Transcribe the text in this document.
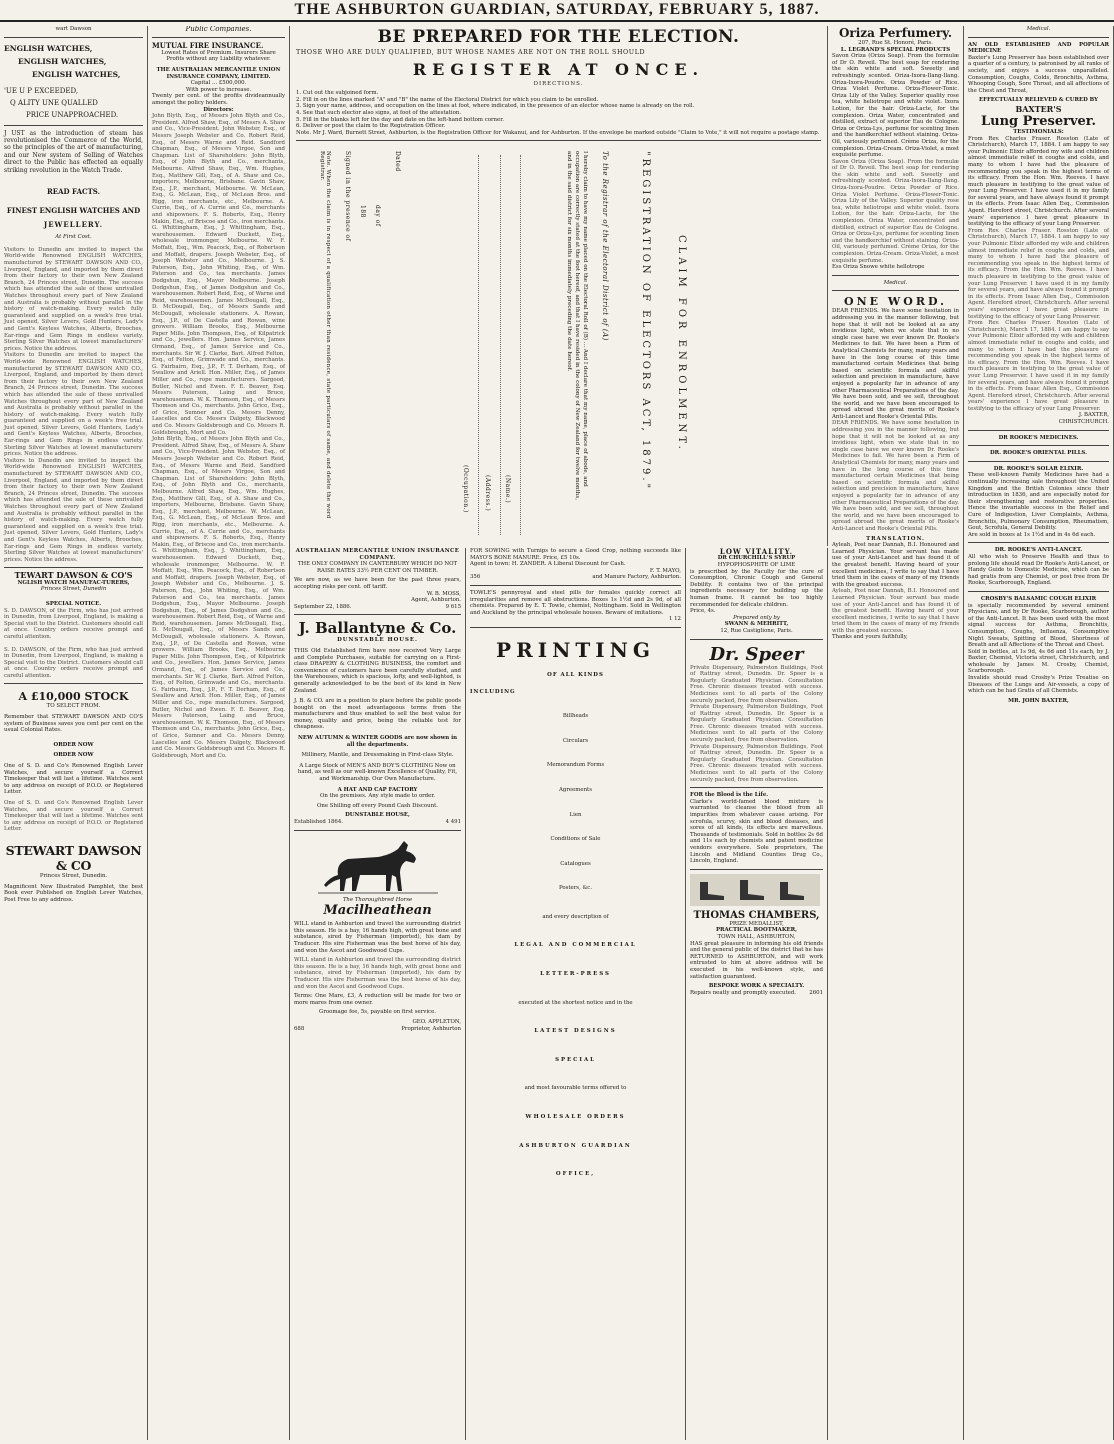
THE ASHBURTON GUARDIAN, SATURDAY, FEBRUARY 5, 1887.
wart Dawson
ENGLISH WATCHES,
ENGLISH WATCHES,
ENGLISH WATCHES,
'UE U P EXCEEDED,
Q ALITY UNE QUALLED
PRICE UNAPPROACHED.
J UST as the introduction of steam has revolutionised the Commerce of the World, so the principles of the art of manufacturing, and our New system of Selling of Watches direct to the Public has effected an equally striking revolution in the Watch Trade.
READ FACTS.
FINEST ENGLISH WATCHES AND
JEWELLERY.
At First Cost.
Visitors to Dunedin are invited to inspect the World-wide Renowned ENGLISH WATCHES, manufactured by STEWART DAWSON AND CO., Liverpool, England, and imported by them direct from their factory to their own New Zealand Branch, 24 Princes street, Dunedin. The success which has attended the sale of these unrivalled Watches throughout every part of New Zealand and Australia is probably without parallel in the history of watch-making. Every watch fully guaranteed and supplied on a week's free trial. Just opened, Silver Levers, Gold Hunters, Lady's and Gent's Keyless Watches, Alberts, Brooches, Ear-rings and Gem Rings in endless variety. Sterling Silver Watches at lowest manufacturers' prices. Notice the address.
Visitors to Dunedin are invited to inspect the World-wide Renowned ENGLISH WATCHES, manufactured by STEWART DAWSON AND CO., Liverpool, England, and imported by them direct from their factory to their own New Zealand Branch, 24 Princes street, Dunedin. The success which has attended the sale of these unrivalled Watches throughout every part of New Zealand and Australia is probably without parallel in the history of watch-making. Every watch fully guaranteed and supplied on a week's free trial. Just opened, Silver Levers, Gold Hunters, Lady's and Gent's Keyless Watches, Alberts, Brooches, Ear-rings and Gem Rings in endless variety. Sterling Silver Watches at lowest manufacturers' prices. Notice the address.
Visitors to Dunedin are invited to inspect the World-wide Renowned ENGLISH WATCHES, manufactured by STEWART DAWSON AND CO., Liverpool, England, and imported by them direct from their factory to their own New Zealand Branch, 24 Princes street, Dunedin. The success which has attended the sale of these unrivalled Watches throughout every part of New Zealand and Australia is probably without parallel in the history of watch-making. Every watch fully guaranteed and supplied on a week's free trial. Just opened, Silver Levers, Gold Hunters, Lady's and Gent's Keyless Watches, Alberts, Brooches, Ear-rings and Gem Rings in endless variety. Sterling Silver Watches at lowest manufacturers' prices. Notice the address.
TEWART DAWSON & CO'S
NGLISH WATCH MANUFAC-TURERS,
Princes Street, Dunedin
SPECIAL NOTICE.
S. D. DAWSON, of the Firm, who has just arrived in Dunedin, from Liverpool, England, is making a Special visit to the District. Customers should call at once. Country orders receive prompt and careful attention.
S. D. DAWSON, of the Firm, who has just arrived in Dunedin, from Liverpool, England, is making a Special visit to the District. Customers should call at once. Country orders receive prompt and careful attention.
A £10,000 STOCK
TO SELECT FROM.
Remember that STEWART DAWSON AND CO'S system of Business saves you cent per cent on the usual Colonial Rates.
ORDER NOW
ORDER NOW
One of S. D. and Co's Renowned English Lever Watches, and secure yourself a Correct Timekeeper that will last a lifetime. Watches sent to any address on receipt of P.O.O. or Registered Letter.
One of S. D. and Co's Renowned English Lever Watches, and secure yourself a Correct Timekeeper that will last a lifetime. Watches sent to any address on receipt of P.O.O. or Registered Letter.
STEWART DAWSON & CO
Princes Street, Dunedin.
Magnificent New Illustrated Pamphlet, the best Book ever Published on English Lever Watches, Post Free to any address.
Public Companies.
MUTUAL FIRE INSURANCE.
Lowest Rates of Premium. Insurers Share Profits without any Liability whatever.
THE AUSTRALIAN MERCANTILE UNION INSURANCE COMPANY, LIMITED.
Capital ... £500,000.
With power to increase.
Twenty per cent. of the profits divideannually amongst the policy holders.
Directors:
John Blyth, Esq., of Messrs John Blyth and Co., President. Alfred Shaw, Esq., of Messrs A. Shaw and Co., Vice-President. John Webster, Esq., of Messrs Joseph Webster and Co. Robert Reid, Esq., of Messrs Warne and Reid. Sandford Chapman, Esq., of Messrs Virgoe, Son and Chapman. List of Shareholders: John Blyth, Esq., of John Blyth and Co., merchants, Melbourne. Alfred Shaw, Esq., Wm. Hughes, Esq., Matthew Gill, Esq., of A. Shaw and Co., importers, Melbourne, Brisbane. Gavin Shaw, Esq., J.P., merchant, Melbourne. W. McLean, Esq., G. McLean, Esq., of McLean Bros. and Rigg, iron merchants, etc., Melbourne. A. Currie, Esq., of A. Currie and Co., merchants and shipowners. F. S. Roberts, Esq., Henry Makin, Esq., of Briscoe and Co., iron merchants. G. Whittingham, Esq., J. Whittingham, Esq., warehousemen. Edward Duckett, Esq., wholesale ironmonger, Melbourne. W. F. Moffatt, Esq., Wm. Peacock, Esq., of Robertson and Moffatt, drapers. Joseph Webster, Esq., of Joseph Webster and Co., Melbourne. J. S. Paterson, Esq., John Whiting, Esq., of Wm. Paterson and Co., tea merchants. James Dodgshun, Esq., Mayor Melbourne. Joseph Dodgshun, Esq., of James Dodgshun and Co., warehousemen. Robert Reid, Esq., of Warne and Reid, warehousemen. James McDougall, Esq., D. McDougall, Esq., of Messrs Sands and McDougall, wholesale stationers. A. Rowan, Esq., J.P., of De Castella and Rowan, wine growers. William Brooks, Esq., Melbourne Paper Mills. John Thompson, Esq., of Kilpatrick and Co., jewellers. Hon. James Service, James Ormand, Esq., of James Service and Co., merchants. Sir W. J. Clarke, Bart. Alfred Felton, Esq., of Felton, Grimwade and Co., merchants. G. Fairbairn, Esq., J.P., F. T. Derham, Esq., of Swallow and Ariell. Hon. Miller, Esq., of James Miller and Co., rope manufacturers. Sargood, Butler, Nichol and Ewen. F. E. Beaver, Esq. Messrs Paterson, Laing and Bruce, warehousemen. W. K. Thomson, Esq., of Messrs Thomson and Co., merchants. John Grice, Esq., of Grice, Sumner and Co. Messrs Denny, Lascelles and Co. Messrs Dalgety, Blackwood and Co. Messrs Goldsbrough and Co. Messrs R. Goldsbrough, Mort and Co.
John Blyth, Esq., of Messrs John Blyth and Co., President. Alfred Shaw, Esq., of Messrs A. Shaw and Co., Vice-President. John Webster, Esq., of Messrs Joseph Webster and Co. Robert Reid, Esq., of Messrs Warne and Reid. Sandford Chapman, Esq., of Messrs Virgoe, Son and Chapman. List of Shareholders: John Blyth, Esq., of John Blyth and Co., merchants, Melbourne. Alfred Shaw, Esq., Wm. Hughes, Esq., Matthew Gill, Esq., of A. Shaw and Co., importers, Melbourne, Brisbane. Gavin Shaw, Esq., J.P., merchant, Melbourne. W. McLean, Esq., G. McLean, Esq., of McLean Bros. and Rigg, iron merchants, etc., Melbourne. A. Currie, Esq., of A. Currie and Co., merchants and shipowners. F. S. Roberts, Esq., Henry Makin, Esq., of Briscoe and Co., iron merchants. G. Whittingham, Esq., J. Whittingham, Esq., warehousemen. Edward Duckett, Esq., wholesale ironmonger, Melbourne. W. F. Moffatt, Esq., Wm. Peacock, Esq., of Robertson and Moffatt, drapers. Joseph Webster, Esq., of Joseph Webster and Co., Melbourne. J. S. Paterson, Esq., John Whiting, Esq., of Wm. Paterson and Co., tea merchants. James Dodgshun, Esq., Mayor Melbourne. Joseph Dodgshun, Esq., of James Dodgshun and Co., warehousemen. Robert Reid, Esq., of Warne and Reid, warehousemen. James McDougall, Esq., D. McDougall, Esq., of Messrs Sands and McDougall, wholesale stationers. A. Rowan, Esq., J.P., of De Castella and Rowan, wine growers. William Brooks, Esq., Melbourne Paper Mills. John Thompson, Esq., of Kilpatrick and Co., jewellers. Hon. James Service, James Ormand, Esq., of James Service and Co., merchants. Sir W. J. Clarke, Bart. Alfred Felton, Esq., of Felton, Grimwade and Co., merchants. G. Fairbairn, Esq., J.P., F. T. Derham, Esq., of Swallow and Ariell. Hon. Miller, Esq., of James Miller and Co., rope manufacturers. Sargood, Butler, Nichol and Ewen. F. E. Beaver, Esq. Messrs Paterson, Laing and Bruce, warehousemen. W. K. Thomson, Esq., of Messrs Thomson and Co., merchants. John Grice, Esq., of Grice, Sumner and Co. Messrs Denny, Lascelles and Co. Messrs Dalgety, Blackwood and Co. Messrs Goldsbrough and Co. Messrs R. Goldsbrough, Mort and Co.
BE PREPARED FOR THE ELECTION.
THOSE WHO ARE DULY QUALIFIED, BUT WHOSE NAMES ARE NOT ON THE ROLL SHOULD
REGISTER AT ONCE.
DIRECTIONS.
1. Cut out the subjoined form.
2. Fill in on the lines marked "A" and "B" the name of the Electoral District for which you claim to be enrolled.
3. Sign your name, address, and occupation on the lines at foot, where indicated, in the presence of an elector whose name is already on the roll.
4. See that such elector also signs, at foot of the attestation.
5. Fill in the blanks left for the day and date on the left-hand bottom corner.
6. Deliver or post the claim to the Registration Officer.
Note. Mr J. Ward, Burnett Street, Ashburton, is the Registration Officer for Wakanui, and for Ashburton. If the envelope be marked outside "Claim to Vote," it will not require a postage stamp.
"REGISTRATION OF ELECTORS ACT, 1879."	CLAIM FOR ENROLMENT.
To the Registrar of the Electoral District of (A)
I hereby claim to have my name placed on the Electoral Roll of (B) ... And I declare that my name, place of abode, and occupation are correctly stated at the foot hereof, and that I have resided in the colony of New Zealand for twelve months, and in the said district for six months immediately preceding the date hereof.
(Name.)
(Address.)
(Occupation.)
Dated
day of
188
Signed in the presence of
Note. When the claim is in respect of a qualification other than residence, state particulars of same, and delete the word Registrar.
AUSTRALIAN MERCANTILE UNION INSURANCE COMPANY.
THE ONLY COMPANY IN CANTERBURY WHICH DO NOT RAISE RATES 33½ PER CENT ON TIMBER.
We are now, as we have been for the past three years, accepting risks per cent. off tariff.
W. B. MOSS,
Agent, Ashburton.
September 22, 1886.	9 615
J. Ballantyne & Co.
DUNSTABLE HOUSE.
THIS Old Established firm have now received Very Large and Complete Purchases, suitable for carrying on a First-class DRAPERY & CLOTHING BUSINESS, the comfort and convenience of customers have been carefully studied, and the Warehouses, which is spacious, lofty, and well-lighted, is generally acknowledged to be the best of its kind in New Zealand.
J. B. & CO. are in a position to place before the public goods bought on the most advantageous terms from the manufacturers and thus enabled to sell the best value for money, quality and price, being the reliable test for cheapness.
NEW AUTUMN & WINTER GOODS are now shown in all the departments.
Millinery, Mantle, and Dressmaking in First-class Style.
A Large Stock of MEN'S AND BOY'S CLOTHING Now on hand, as well as our well-known Excellence of Quality, Fit, and Workmanship. Our Own Manufacture.
A HAT AND CAP FACTORY
On the premises. Any style made to order.
One Shilling off every Pound Cash Discount.
DUNSTABLE HOUSE,
Established 1864.	4 491
The Thoroughbred Horse
Macilheathean
WILL stand in Ashburton and travel the surrounding district this season. He is a bay, 16 hands high, with great bone and substance, sired by Fisherman (imported), his dam by Traducer. His sire Fisherman was the best horse of his day, and won the Ascot and Goodwood Cups.
WILL stand in Ashburton and travel the surrounding district this season. He is a bay, 16 hands high, with great bone and substance, sired by Fisherman (imported), his dam by Traducer. His sire Fisherman was the best horse of his day, and won the Ascot and Goodwood Cups.
Terms: One Mare, £3, A reduction will be made for two or more mares from one owner.
Groomage fee, 5s, payable on first service.
GEO. APPLETON,
688	Proprietor, Ashburton
FOR SOWING with Turnips to secure a Good Crop, nothing succeeds like MAYO'S BONE MANURE. Price, £5 10s.
Agent in town: H. ZANDER. A Liberal Discount for Cash.
F. T. MAYO,
356	and Manure Factory, Ashburton.
TOWLE'S pennyroyal and steel pills for females quickly correct all irregularities and remove all obstructions. Boxes 1s 1½d and 2s 9d, of all chemists. Prepared by E. T. Towle, chemist, Nottingham. Sold in Wellington and Auckland by the principal wholesale houses. Beware of imitations.
1 12
PRINTING
OF ALL KINDS
INCLUDING
Billheads
Circulars
Memorandum Forms
Agreements
Lien
Conditions of Sale
Catalogues
Posters, &c.
and every description of
LEGAL AND COMMERCIAL
LETTER-PRESS
executed at the shortest notice and in the
LATEST DESIGNS
SPECIAL
and most favourable terms offered to
WHOLESALE ORDERS
ASHBURTON GUARDIAN
OFFICE,
LOW VITALITY.
DR CHURCHILL'S SYRUP
HYPOPHOSPHITE OF LIME
is prescribed by the Faculty for the cure of Consumption, Chronic Cough and General Debility. It contains two of the principal ingredients necessary for building up the human frame. It cannot be too highly recommended for delicate children.
Price, 4s.
Prepared only by
SWANN & MEHRITT,
12, Rue Castiglione, Paris.
Dr. Speer
Private Dispensary, Palmerston Buildings, Foot of Rattray street, Dunedin. Dr. Speer is a Regularly Graduated Physician. Consultation Free. Chronic diseases treated with success. Medicines sent to all parts of the Colony securely packed, free from observation.
Private Dispensary, Palmerston Buildings, Foot of Rattray street, Dunedin. Dr. Speer is a Regularly Graduated Physician. Consultation Free. Chronic diseases treated with success. Medicines sent to all parts of the Colony securely packed, free from observation.
Private Dispensary, Palmerston Buildings, Foot of Rattray street, Dunedin. Dr. Speer is a Regularly Graduated Physician. Consultation Free. Chronic diseases treated with success. Medicines sent to all parts of the Colony securely packed, free from observation.
FOR the Blood is the Life.
Clarke's world-famed blood mixture is warranted to cleanse the blood from all impurities from whatever cause arising. For scrofula, scurvy, skin and blood diseases, and sores of all kinds, its effects are marvellous. Thousands of testimonials. Sold in bottles 2s 6d and 11s each by chemists and patent medicine vendors everywhere. Sole proprietors, The Lincoln and Midland Counties Drug Co., Lincoln, England.
THOMAS CHAMBERS,
PRIZE MEDALLIST,
PRACTICAL BOOTMAKER,
TOWN HALL, ASHBURTON,
HAS great pleasure in informing his old friends and the general public of the district that he has RETURNED to ASHBURTON, and will work entrusted to him at above address will be executed in his well-known style, and satisfaction guaranteed.
BESPOKE WORK A SPECIALTY.
Repairs neatly and promptly executed. 2601
Oriza Perfumery.
207, Rue St. Honoré, Paris.
L. LEGRAND'S SPECIAL PRODUCTS
Savon Oriza (Oriza Soap). From the formulæ of Dr O. Reveil. The best soap for rendering the skin white and soft. Sweetly and refreshingly scented. Oriza-Ixora-Ilang-Ilang. Oriza-Ixora-Poudre. Oriza Powder of Rice. Oriza Violet Perfume. Oriza-Flower-Tonic. Oriza Lily of the Valley. Superior quality rose tea, white heliotrope and white violet. Ixora Lotion, for the hair. Oriza-Lacte, for the complexion. Oriza Water, concentrated and distilled, extract of superior Eau de Cologne. Oriza or Oriza-Lys, perfume for scenting linen and the handkerchief without staining. Oriza-Oil, variously perfumed. Crème Oriza, for the complexion. Oriza-Cream. Oriza-Violet, a most exquisite perfume.
Savon Oriza (Oriza Soap). From the formulæ of Dr O. Reveil. The best soap for rendering the skin white and soft. Sweetly and refreshingly scented. Oriza-Ixora-Ilang-Ilang. Oriza-Ixora-Poudre. Oriza Powder of Rice. Oriza Violet Perfume. Oriza-Flower-Tonic. Oriza Lily of the Valley. Superior quality rose tea, white heliotrope and white violet. Ixora Lotion, for the hair. Oriza-Lacte, for the complexion. Oriza Water, concentrated and distilled, extract of superior Eau de Cologne. Oriza or Oriza-Lys, perfume for scenting linen and the handkerchief without staining. Oriza-Oil, variously perfumed. Crème Oriza, for the complexion. Oriza-Cream. Oriza-Violet, a most exquisite perfume.
Ess Oriza Snowe white hellotrope
Medical.
ONE WORD.
DEAR FRIENDS. We have some hesitation in addressing you in the manner following, but hope that it will not be looked at as any invidious light, when we state that in no single case have we ever known Dr. Rooke's Medicines to fail. We have been a Firm of Analytical Chemists for many, many years and have in the long course of this time manufactured certain Medicines that being based on scientific formula and skilful selection and precision in manufacture, have enjoyed a popularity far in advance of any other Pharmaceutical Preparations of the day. We have been sold, and we sell, throughout the world, and we have been encouraged to spread abroad the great merits of Rooke's Anti-Lancet and Rooke's Oriental Pills.
DEAR FRIENDS. We have some hesitation in addressing you in the manner following, but hope that it will not be looked at as any invidious light, when we state that in no single case have we ever known Dr. Rooke's Medicines to fail. We have been a Firm of Analytical Chemists for many, many years and have in the long course of this time manufactured certain Medicines that being based on scientific formula and skilful selection and precision in manufacture, have enjoyed a popularity far in advance of any other Pharmaceutical Preparations of the day. We have been sold, and we sell, throughout the world, and we have been encouraged to spread abroad the great merits of Rooke's Anti-Lancet and Rooke's Oriental Pills.
TRANSLATION.
Ayleah, Post near Dannah, B.I. Honoured and Learned Physician. Your servant has made use of your Anti-Lancet and has found it of the greatest benefit. Having heard of your excellent medicines, I write to say that I have tried them in the cases of many of my friends with the greatest success.
Ayleah, Post near Dannah, B.I. Honoured and Learned Physician. Your servant has made use of your Anti-Lancet and has found it of the greatest benefit. Having heard of your excellent medicines, I write to say that I have tried them in the cases of many of my friends with the greatest success.
Thanks and yours faithfully,
Medical.
AN OLD ESTABLISHED AND POPULAR MEDICINE
Baxter's Lung Preserver has been established over a quarter of a century, is patronised by all ranks of society, and enjoys a success unparalleled. Consumption, Coughs, Colds, Bronchitis, Asthma, Whooping Cough, Sore Throat, and all affections of the Chest and Throat,
EFFECTUALLY RELIEVED & CURED BY
BAXTER'S
Lung Preserver.
TESTIMONIALS:
From Rev. Charles Fraser. Rosston (Late of Christchurch), March 17, 1884. I am happy to say your Pulmonic Elixir afforded my wife and children almost immediate relief in coughs and colds, and many to whom I have had the pleasure of recommending you speak in the highest terms of its efficacy. From the Hon. Wm. Reeves. I have much pleasure in testifying to the great value of your Lung Preserver. I have used it in my family for several years, and have always found it prompt in its effects. From Isaac Allen Esq., Commission Agent. Hereford street, Christchurch. After several years' experience I have great pleasure in testifying to the efficacy of your Lung Preserver.
From Rev. Charles Fraser. Rosston (Late of Christchurch), March 17, 1884. I am happy to say your Pulmonic Elixir afforded my wife and children almost immediate relief in coughs and colds, and many to whom I have had the pleasure of recommending you speak in the highest terms of its efficacy. From the Hon. Wm. Reeves. I have much pleasure in testifying to the great value of your Lung Preserver. I have used it in my family for several years, and have always found it prompt in its effects. From Isaac Allen Esq., Commission Agent. Hereford street, Christchurch. After several years' experience I have great pleasure in testifying to the efficacy of your Lung Preserver.
From Rev. Charles Fraser. Rosston (Late of Christchurch), March 17, 1884. I am happy to say your Pulmonic Elixir afforded my wife and children almost immediate relief in coughs and colds, and many to whom I have had the pleasure of recommending you speak in the highest terms of its efficacy. From the Hon. Wm. Reeves. I have much pleasure in testifying to the great value of your Lung Preserver. I have used it in my family for several years, and have always found it prompt in its effects. From Isaac Allen Esq., Commission Agent. Hereford street, Christchurch. After several years' experience I have great pleasure in testifying to the efficacy of your Lung Preserver.
J. BAXTER,
CHRISTCHURCH.
DR ROOKE'S MEDICINES.
DR. ROOKE'S ORIENTAL PILLS.
DR. ROOKE'S SOLAR ELIXIR.
These well-known Family Medicines have had a continually increasing sale throughout the United Kingdom and the British Colonies since their introduction in 1836, and are especially noted for their strengthening and restorative properties. Hence the invariable success in the Relief and Cure of Indigestion, Liver Complaints, Asthma, Bronchitis, Pulmonary Consumption, Rheumatism, Gout, Scrofula, General Debility.
Are sold in boxes at 1s 1½d and in 4s 6d each.
DR. ROOKE'S ANTI-LANCET.
All who wish to Preserve Health and thus to prolong life should read Dr Rooke's Anti-Lancet, or Handy Guide to Domestic Medicine, which can be had gratis from any Chemist, or post free from Dr Rooke, Scarborough, England.
CROSBY'S BALSAMIC COUGH ELIXIR
is specially recommended by several eminent Physicians, and by Dr Rooke, Scarborough, author of the Anti-Lancet. It has been used with the most signal success for Asthma, Bronchitis, Consumption, Coughs, Influenza, Consumptive Night Sweats, Spitting of Blood, Shortness of Breath and all Affections of the Throat and Chest.
Sold in bottles, at 1s 9d, 4s 6d and 11s each, by J. Baxter, Chemist, Victoria street, Christchurch, and wholesale by James M. Crosby, Chemist, Scarborough.
Invalids should read Crosby's Prize Treatise on Diseases of the Lungs and Air-vessels, a copy of which can be had Gratis of all Chemists.
MR. JOHN BAXTER,
